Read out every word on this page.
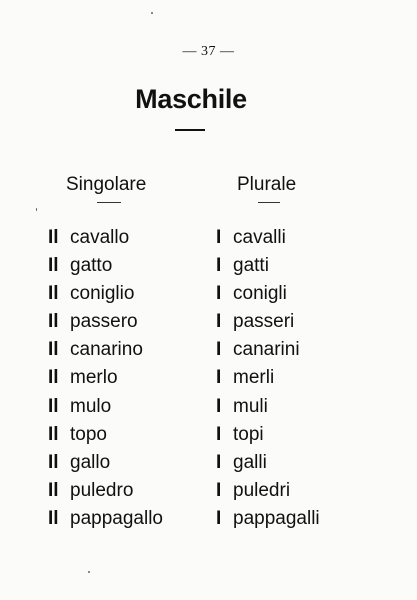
— 37 —
Maschile
Singolare	Plurale
Il cavallo
Il gatto
Il coniglio
Il passero
Il canarino
Il merlo
Il mulo
Il topo
Il gallo
Il puledro
Il pappagallo
I cavalli
I gatti
I conigli
I passeri
I canarini
I merli
I muli
I topi
I galli
I puledri
I pappagalli
